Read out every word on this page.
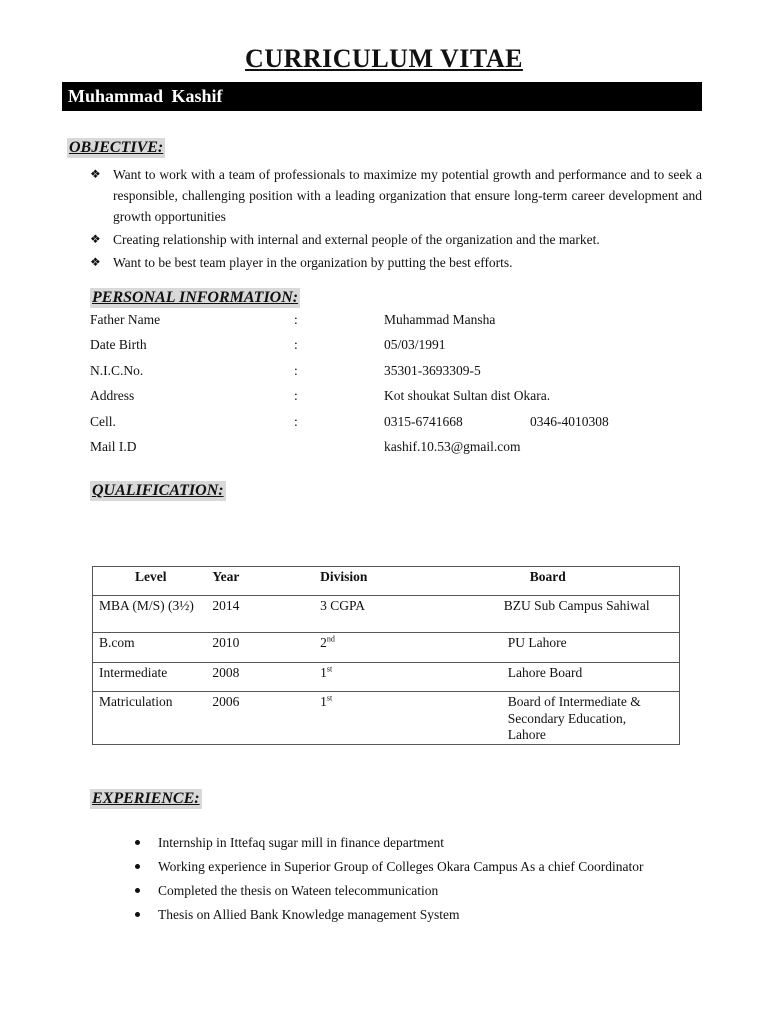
CURRICULUM VITAE
Muhammad Kashif
OBJECTIVE:
❖ Want to work with a team of professionals to maximize my potential growth and performance and to seek a responsible, challenging position with a leading organization that ensure long-term career development and growth opportunities
❖ Creating relationship with internal and external people of the organization and the market.
❖ Want to be best team player in the organization by putting the best efforts.
PERSONAL INFORMATION:
Father Name	:	Muhammad Mansha
Date Birth	:	05/03/1991
N.I.C.No.	:	35301-3693309-5
Address	:	Kot shoukat Sultan dist Okara.
Cell.	:	0315-6741668	0346-4010308
Mail I.D	kashif.10.53@gmail.com
QUALIFICATION:
Level	Year	Division	Board
MBA (M/S) (3½)	2014	3 CGPA	BZU Sub Campus Sahiwal
B.com	2010	2nd	PU Lahore
Intermediate	2008	1st	Lahore Board
Matriculation	2006	1st	Board of Intermediate & Secondary Education, Lahore
EXPERIENCE:
Internship in Ittefaq sugar mill in finance department
Working experience in Superior Group of Colleges Okara Campus As a chief Coordinator
Completed the thesis on Wateen telecommunication
Thesis on Allied Bank Knowledge management System
